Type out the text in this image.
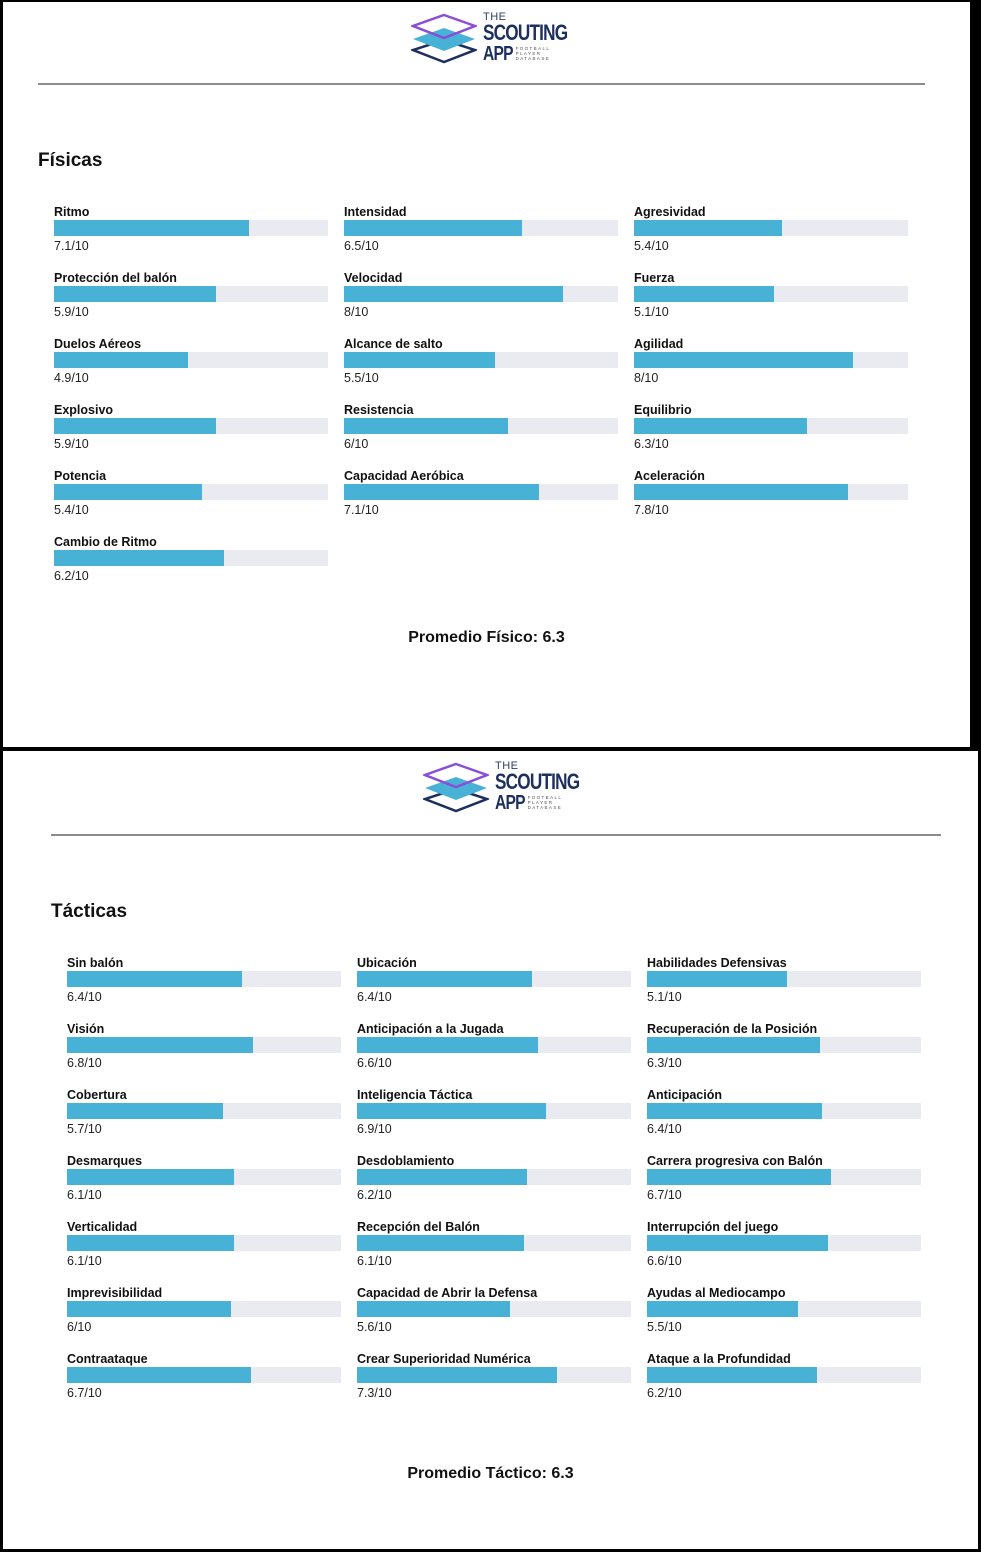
THE
SCOUTING
APP FOOTBALL
PLAYER
DATABASE
Físicas
Ritmo
7.1/10
Intensidad
6.5/10
Agresividad
5.4/10
Protección del balón
5.9/10
Velocidad
8/10
Fuerza
5.1/10
Duelos Aéreos
4.9/10
Alcance de salto
5.5/10
Agilidad
8/10
Explosivo
5.9/10
Resistencia
6/10
Equilibrio
6.3/10
Potencia
5.4/10
Capacidad Aeróbica
7.1/10
Aceleración
7.8/10
Cambio de Ritmo
6.2/10
Promedio Físico: 6.3
THE
SCOUTING
APP FOOTBALL
PLAYER
DATABASE
Tácticas
Sin balón
6.4/10
Ubicación
6.4/10
Habilidades Defensivas
5.1/10
Visión
6.8/10
Anticipación a la Jugada
6.6/10
Recuperación de la Posición
6.3/10
Cobertura
5.7/10
Inteligencia Táctica
6.9/10
Anticipación
6.4/10
Desmarques
6.1/10
Desdoblamiento
6.2/10
Carrera progresiva con Balón
6.7/10
Verticalidad
6.1/10
Recepción del Balón
6.1/10
Interrupción del juego
6.6/10
Imprevisibilidad
6/10
Capacidad de Abrir la Defensa
5.6/10
Ayudas al Mediocampo
5.5/10
Contraataque
6.7/10
Crear Superioridad Numérica
7.3/10
Ataque a la Profundidad
6.2/10
Promedio Táctico: 6.3
